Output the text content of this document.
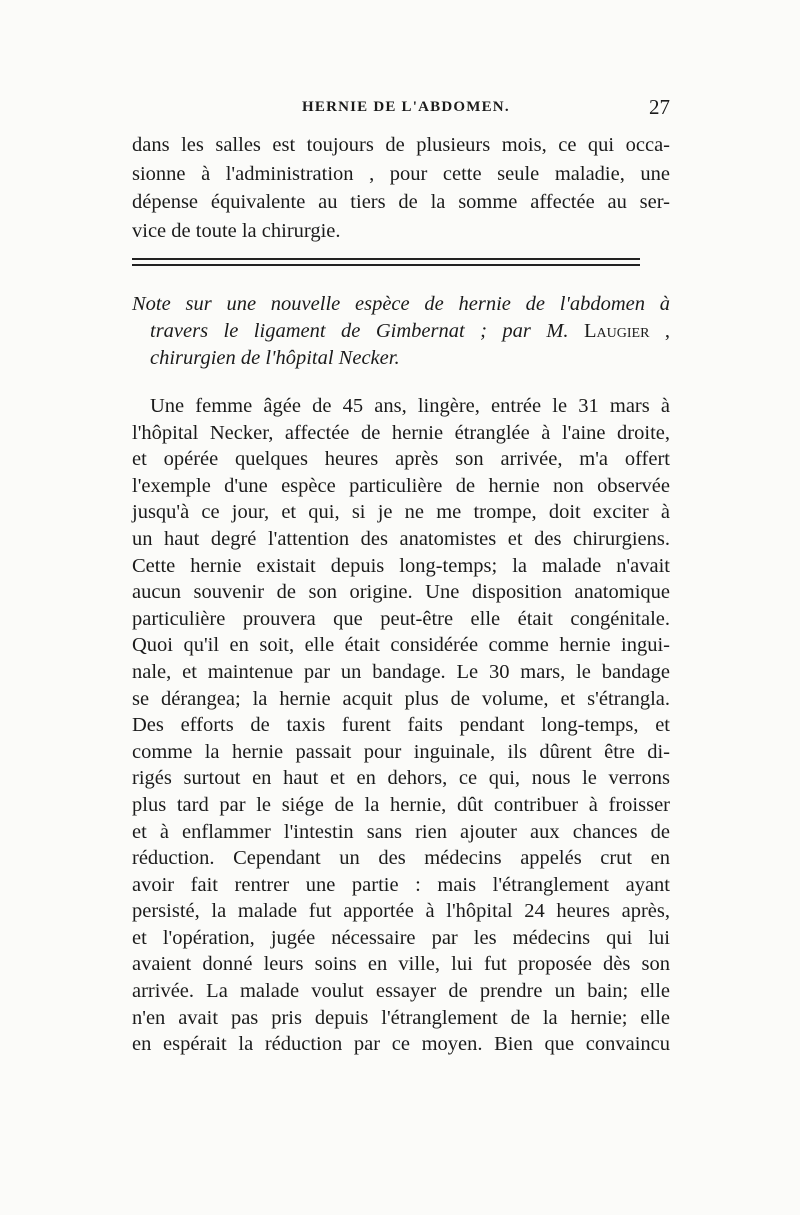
HERNIE DE L'ABDOMEN.	27
dans les salles est toujours de plusieurs mois, ce qui occa-
sionne à l'administration , pour cette seule maladie, une
dépense équivalente au tiers de la somme affectée au ser-
vice de toute la chirurgie.
Note sur une nouvelle espèce de hernie de l'abdomen à
travers le ligament de Gimbernat ; par M. Laugier ,
chirurgien de l'hôpital Necker.
Une femme âgée de 45 ans, lingère, entrée le 31 mars à
l'hôpital Necker, affectée de hernie étranglée à l'aine droite,
et opérée quelques heures après son arrivée, m'a offert
l'exemple d'une espèce particulière de hernie non observée
jusqu'à ce jour, et qui, si je ne me trompe, doit exciter à
un haut degré l'attention des anatomistes et des chirurgiens.
Cette hernie existait depuis long-temps; la malade n'avait
aucun souvenir de son origine. Une disposition anatomique
particulière prouvera que peut-être elle était congénitale.
Quoi qu'il en soit, elle était considérée comme hernie ingui-
nale, et maintenue par un bandage. Le 30 mars, le bandage
se dérangea; la hernie acquit plus de volume, et s'étrangla.
Des efforts de taxis furent faits pendant long-temps, et
comme la hernie passait pour inguinale, ils dûrent être di-
rigés surtout en haut et en dehors, ce qui, nous le verrons
plus tard par le siége de la hernie, dût contribuer à froisser
et à enflammer l'intestin sans rien ajouter aux chances de
réduction. Cependant un des médecins appelés crut en
avoir fait rentrer une partie : mais l'étranglement ayant
persisté, la malade fut apportée à l'hôpital 24 heures après,
et l'opération, jugée nécessaire par les médecins qui lui
avaient donné leurs soins en ville, lui fut proposée dès son
arrivée. La malade voulut essayer de prendre un bain; elle
n'en avait pas pris depuis l'étranglement de la hernie; elle
en espérait la réduction par ce moyen. Bien que convaincu
